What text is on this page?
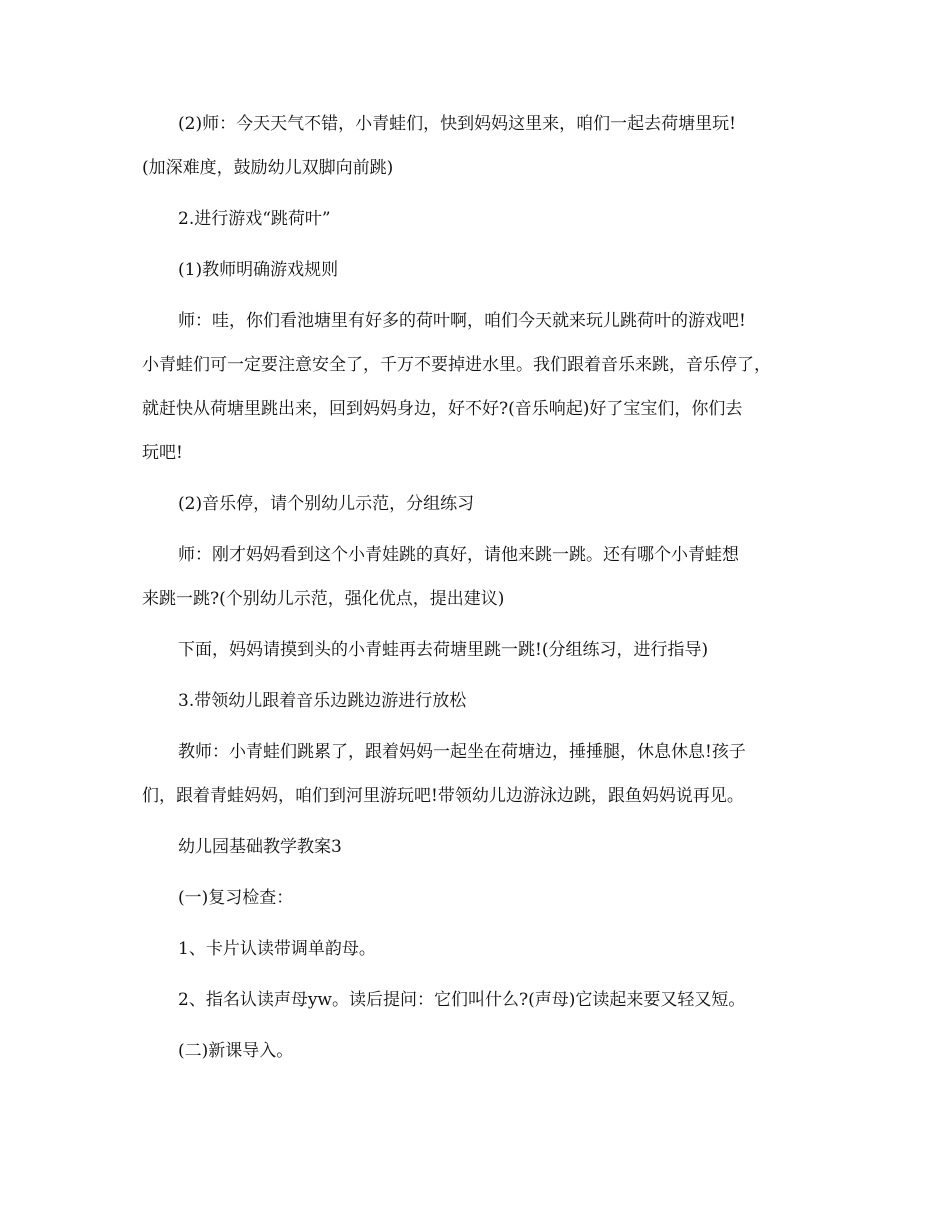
(2)师：今天天气不错，小青蛙们，快到妈妈这里来，咱们一起去荷塘里玩!

(加深难度，鼓励幼儿双脚向前跳)

2.进行游戏“跳荷叶”

(1)教师明确游戏规则

师：哇，你们看池塘里有好多的荷叶啊，咱们今天就来玩儿跳荷叶的游戏吧!

小青蛙们可一定要注意安全了，千万不要掉进水里。我们跟着音乐来跳，音乐停了，

就赶快从荷塘里跳出来，回到妈妈身边，好不好?(音乐响起)好了宝宝们，你们去

玩吧!

(2)音乐停，请个别幼儿示范，分组练习

师：刚才妈妈看到这个小青娃跳的真好，请他来跳一跳。还有哪个小青蛙想

来跳一跳?(个别幼儿示范，强化优点，提出建议)

下面，妈妈请摸到头的小青蛙再去荷塘里跳一跳!(分组练习，进行指导)

3.带领幼儿跟着音乐边跳边游进行放松

教师：小青蛙们跳累了，跟着妈妈一起坐在荷塘边，捶捶腿，休息休息!孩子

们，跟着青蛙妈妈，咱们到河里游玩吧!带领幼儿边游泳边跳，跟鱼妈妈说再见。

幼儿园基础教学教案3

(一)复习检查：

1、卡片认读带调单韵母。

2、指名认读声母yw。读后提问：它们叫什么?(声母)它读起来要又轻又短。

(二)新课导入。
